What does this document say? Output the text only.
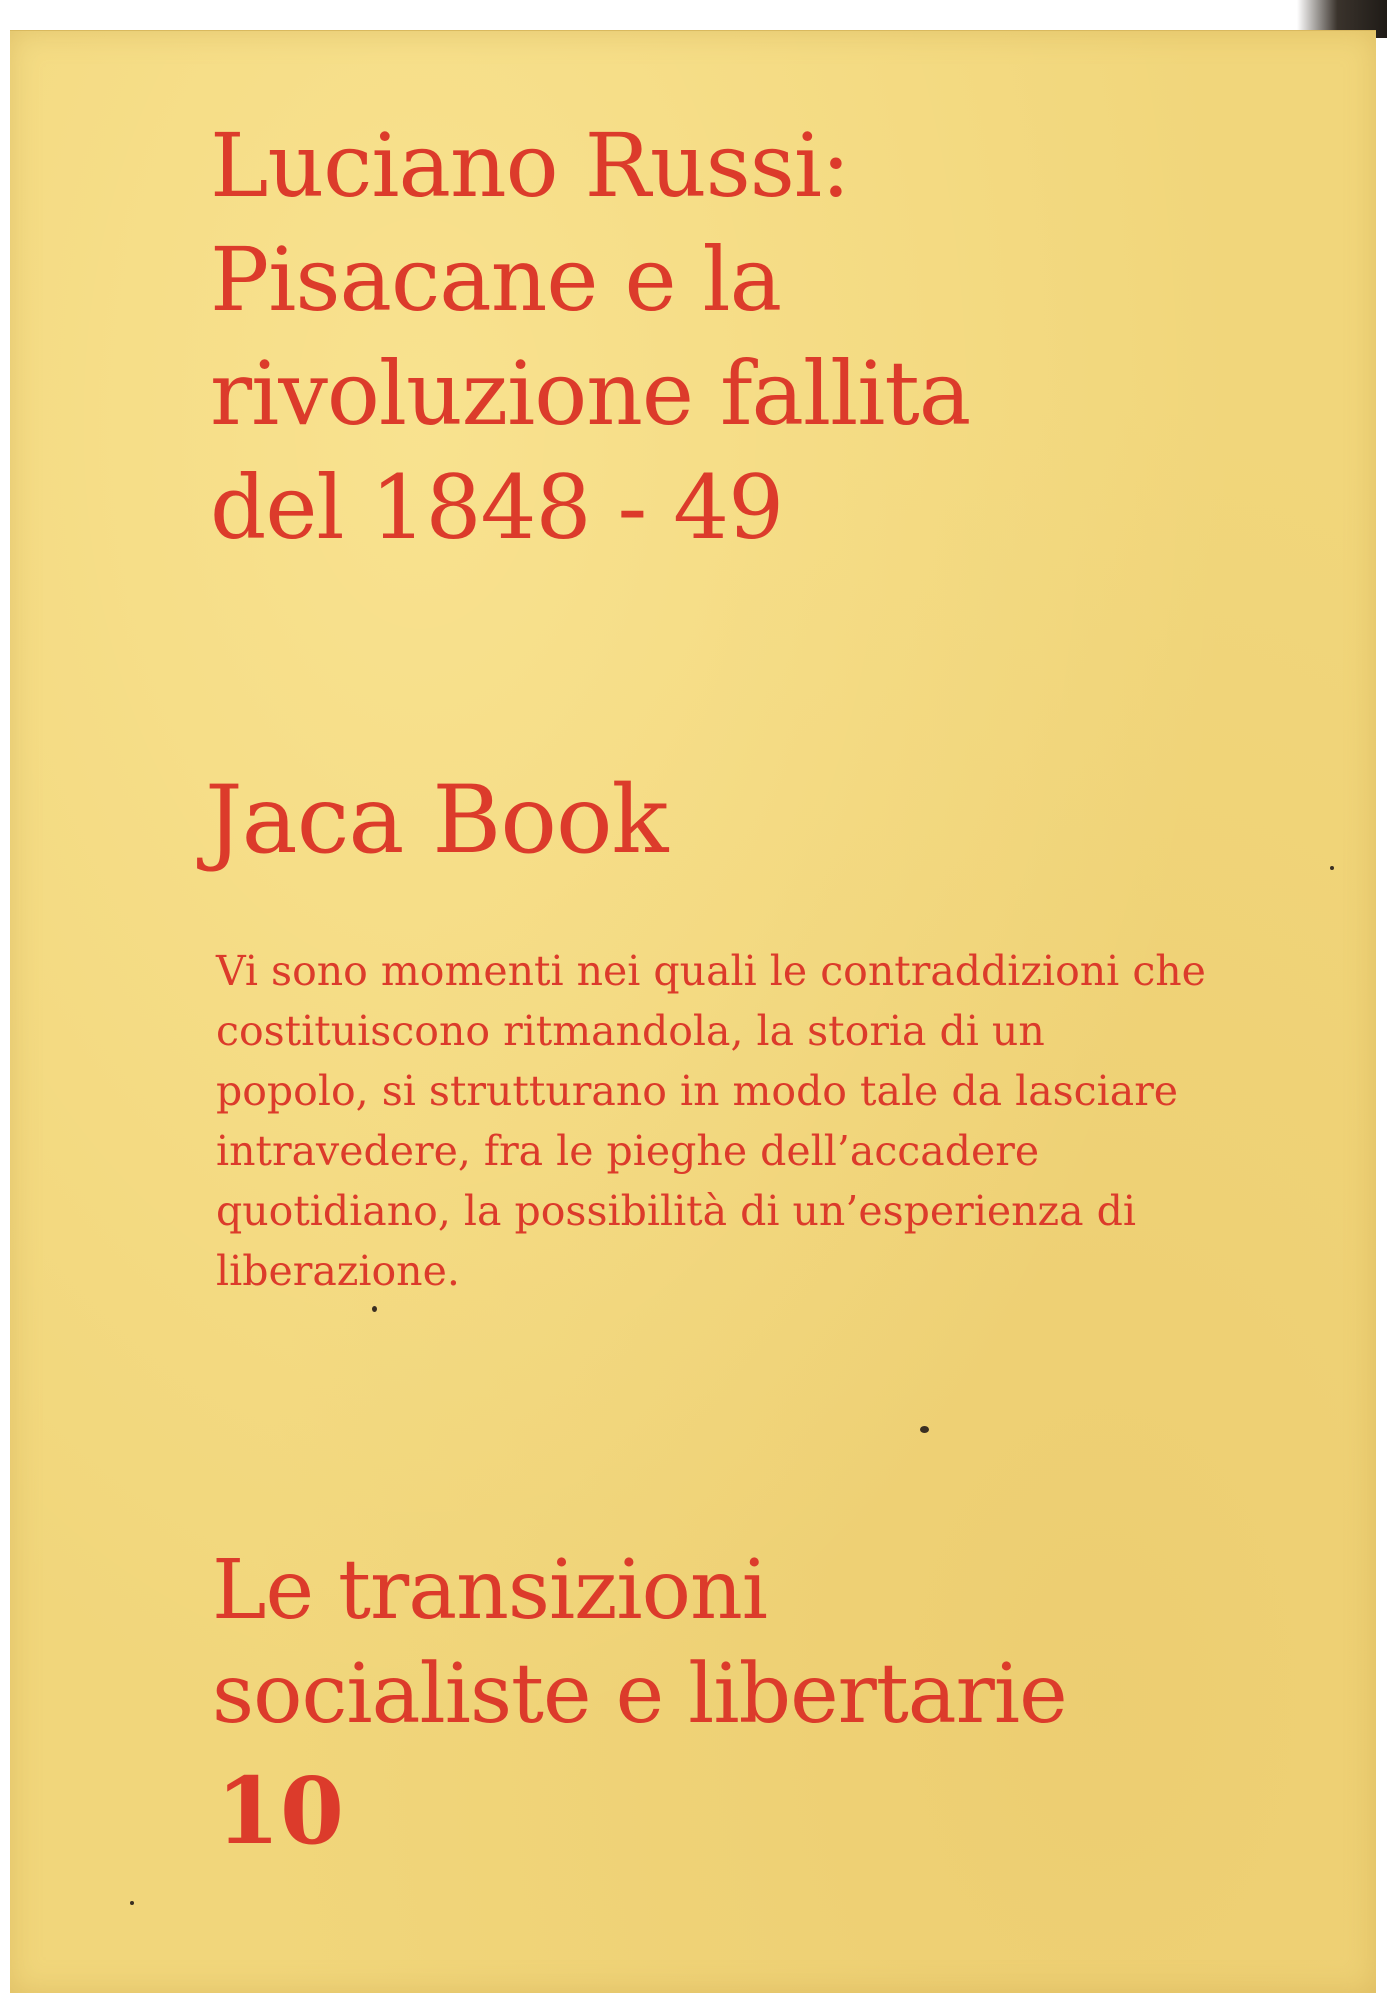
Luciano Russi:
Pisacane e la
rivoluzione fallita
del 1848 - 49
Jaca Book
Vi sono momenti nei quali le contraddizioni che
costituiscono ritmandola, la storia di un
popolo, si strutturano in modo tale da lasciare
intravedere, fra le pieghe dell’accadere
quotidiano, la possibilità di un’esperienza di
liberazione.
Le transizioni
socialiste e libertarie
10
